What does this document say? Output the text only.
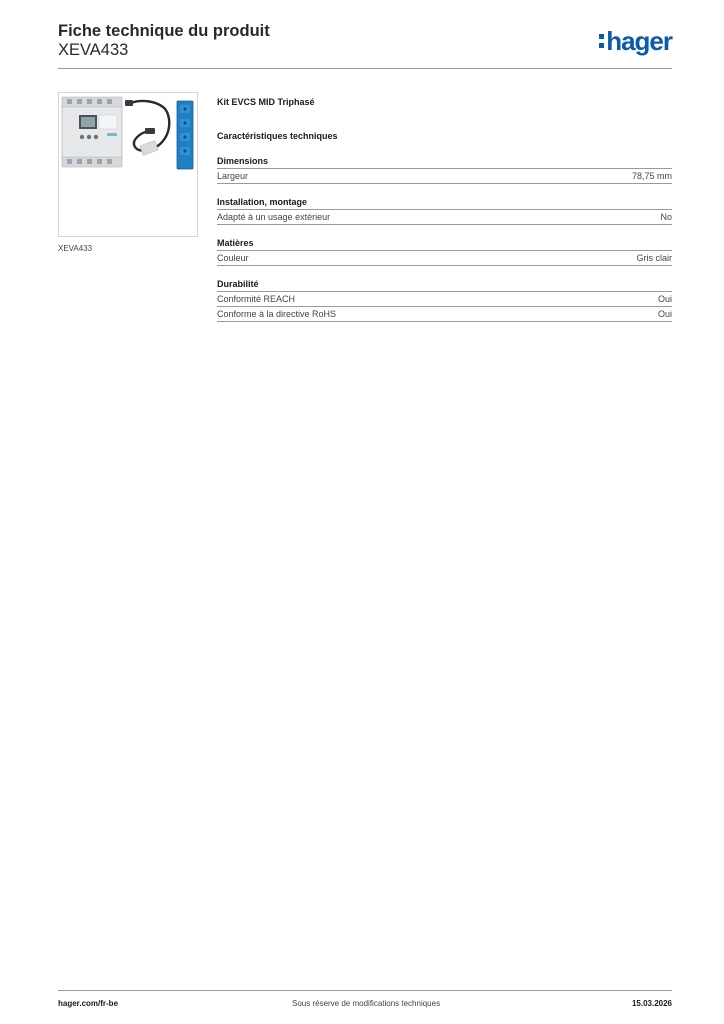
Fiche technique du produit
XEVA433	hager
XEVA433
Kit EVCS MID Triphasé
Caractéristiques techniques
Dimensions
Largeur	78,75 mm
Installation, montage
Adapté à un usage extérieur	No
Matières
Couleur	Gris clair
Durabilité
Conformité REACH	Oui
Conforme à la directive RoHS	Oui
hager.com/fr-be	Sous réserve de modifications techniques	15.03.2026
